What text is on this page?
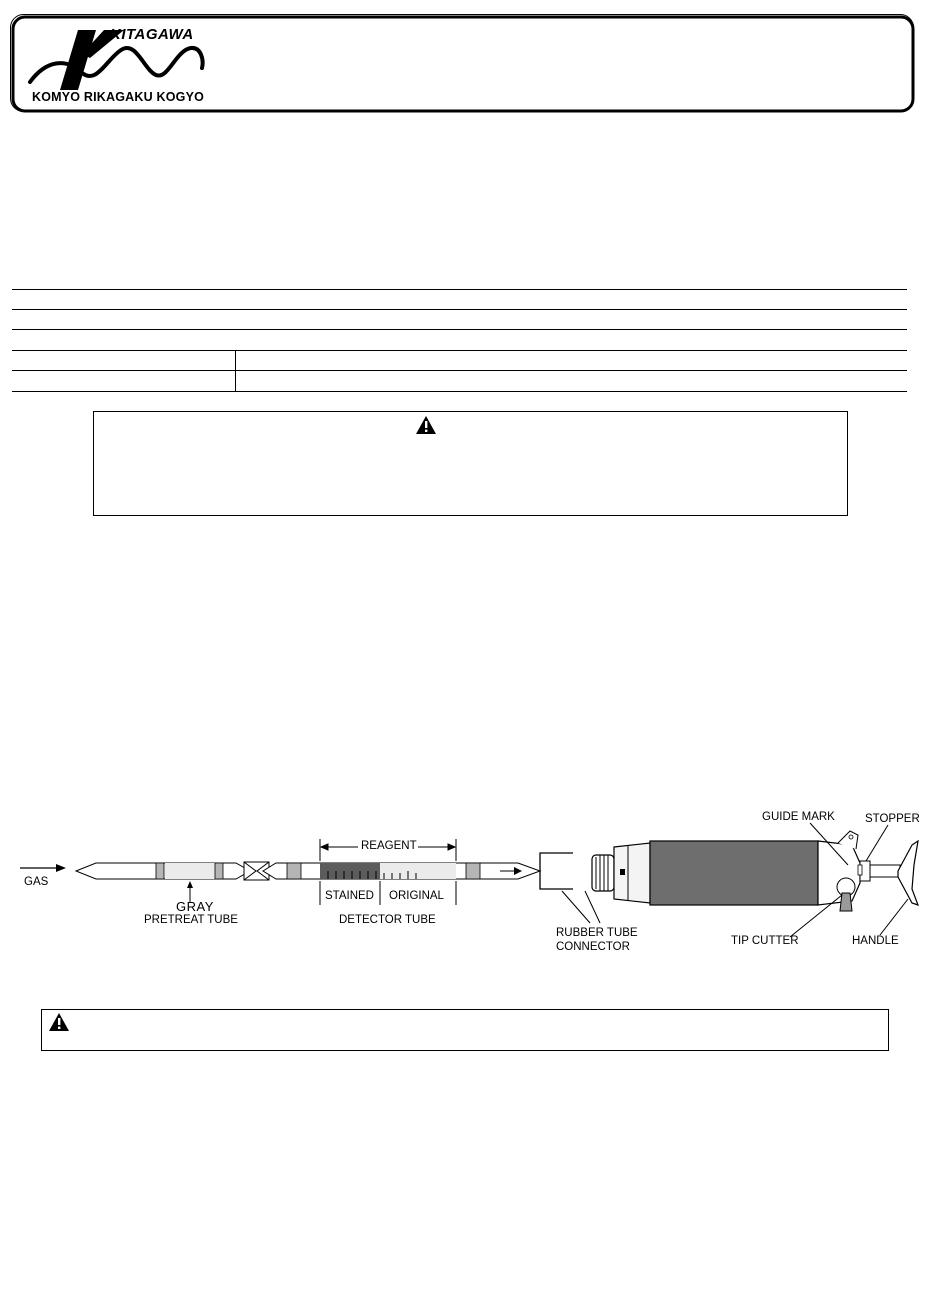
KITAGAWA
KOMYO RIKAGAKU KOGYO
GAS
GRAY
PRETREAT TUBE
REAGENT
STAINED ORIGINAL
DETECTOR TUBE
RUBBER TUBE
CONNECTOR
GUIDE MARK	STOPPER
TIP CUTTER	HANDLE
